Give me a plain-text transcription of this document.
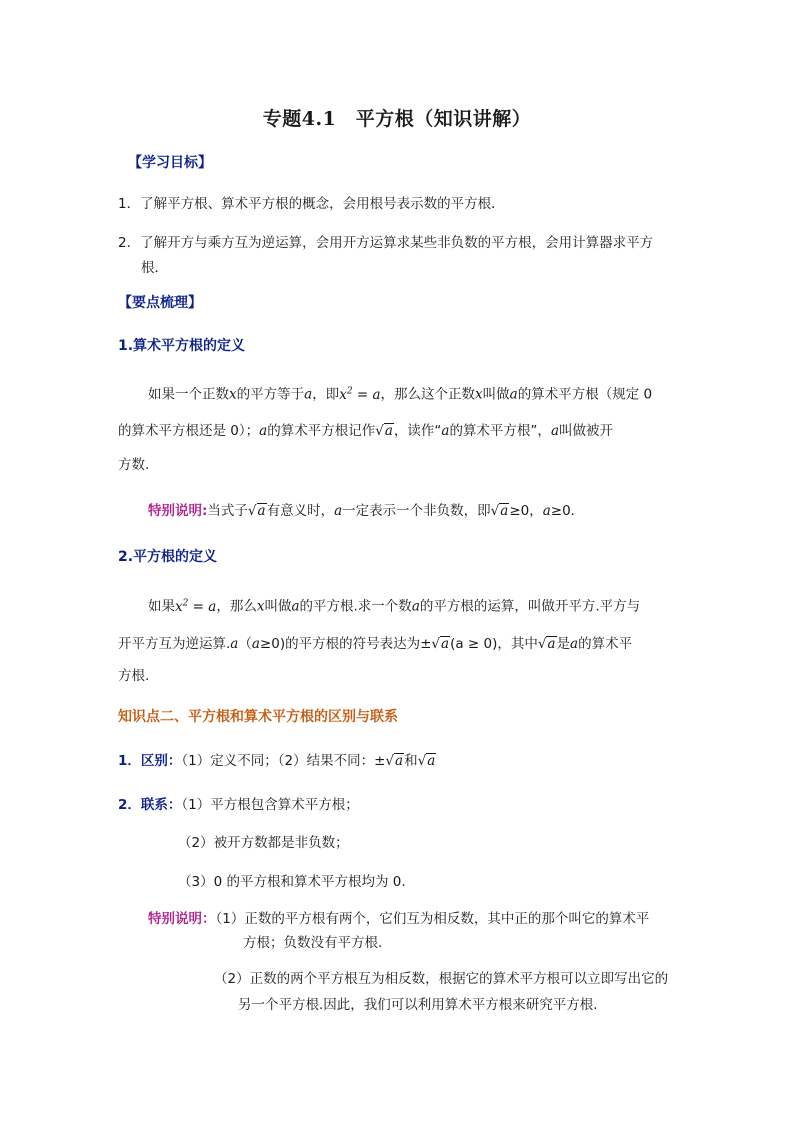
专题4.1　平方根（知识讲解）
【学习目标】
1．了解平方根、算术平方根的概念，会用根号表示数的平方根．
2．了解开方与乘方互为逆运算，会用开方运算求某些非负数的平方根，会用计算器求平方
根．
【要点梳理】
1.算术平方根的定义
如果一个正数x的平方等于a，即$x^2 = a$，那么这个正数x叫做a的算术平方根（规定 0
的算术平方根还是 0）；a的算术平方根记作√a，读作“a的算术平方根”，a叫做被开
方数.
特别说明:当式子√a有意义时，a一定表示一个非负数，即√a≥0，a≥0.
2.平方根的定义
如果$x^2 = a$，那么x叫做a的平方根.求一个数a的平方根的运算，叫做开平方.平方与
开平方互为逆运算.a（a≥0)的平方根的符号表达为±√a(a ≥ 0)，其中√a是a的算术平
方根.
知识点二、平方根和算术平方根的区别与联系
1．区别：（1）定义不同；（2）结果不同：±√a和√a
2．联系：（1）平方根包含算术平方根；
（2）被开方数都是非负数；
（3）0 的平方根和算术平方根均为 0.
特别说明：（1）正数的平方根有两个，它们互为相反数，其中正的那个叫它的算术平
方根；负数没有平方根.
（2）正数的两个平方根互为相反数，根据它的算术平方根可以立即写出它的
另一个平方根.因此，我们可以利用算术平方根来研究平方根.
